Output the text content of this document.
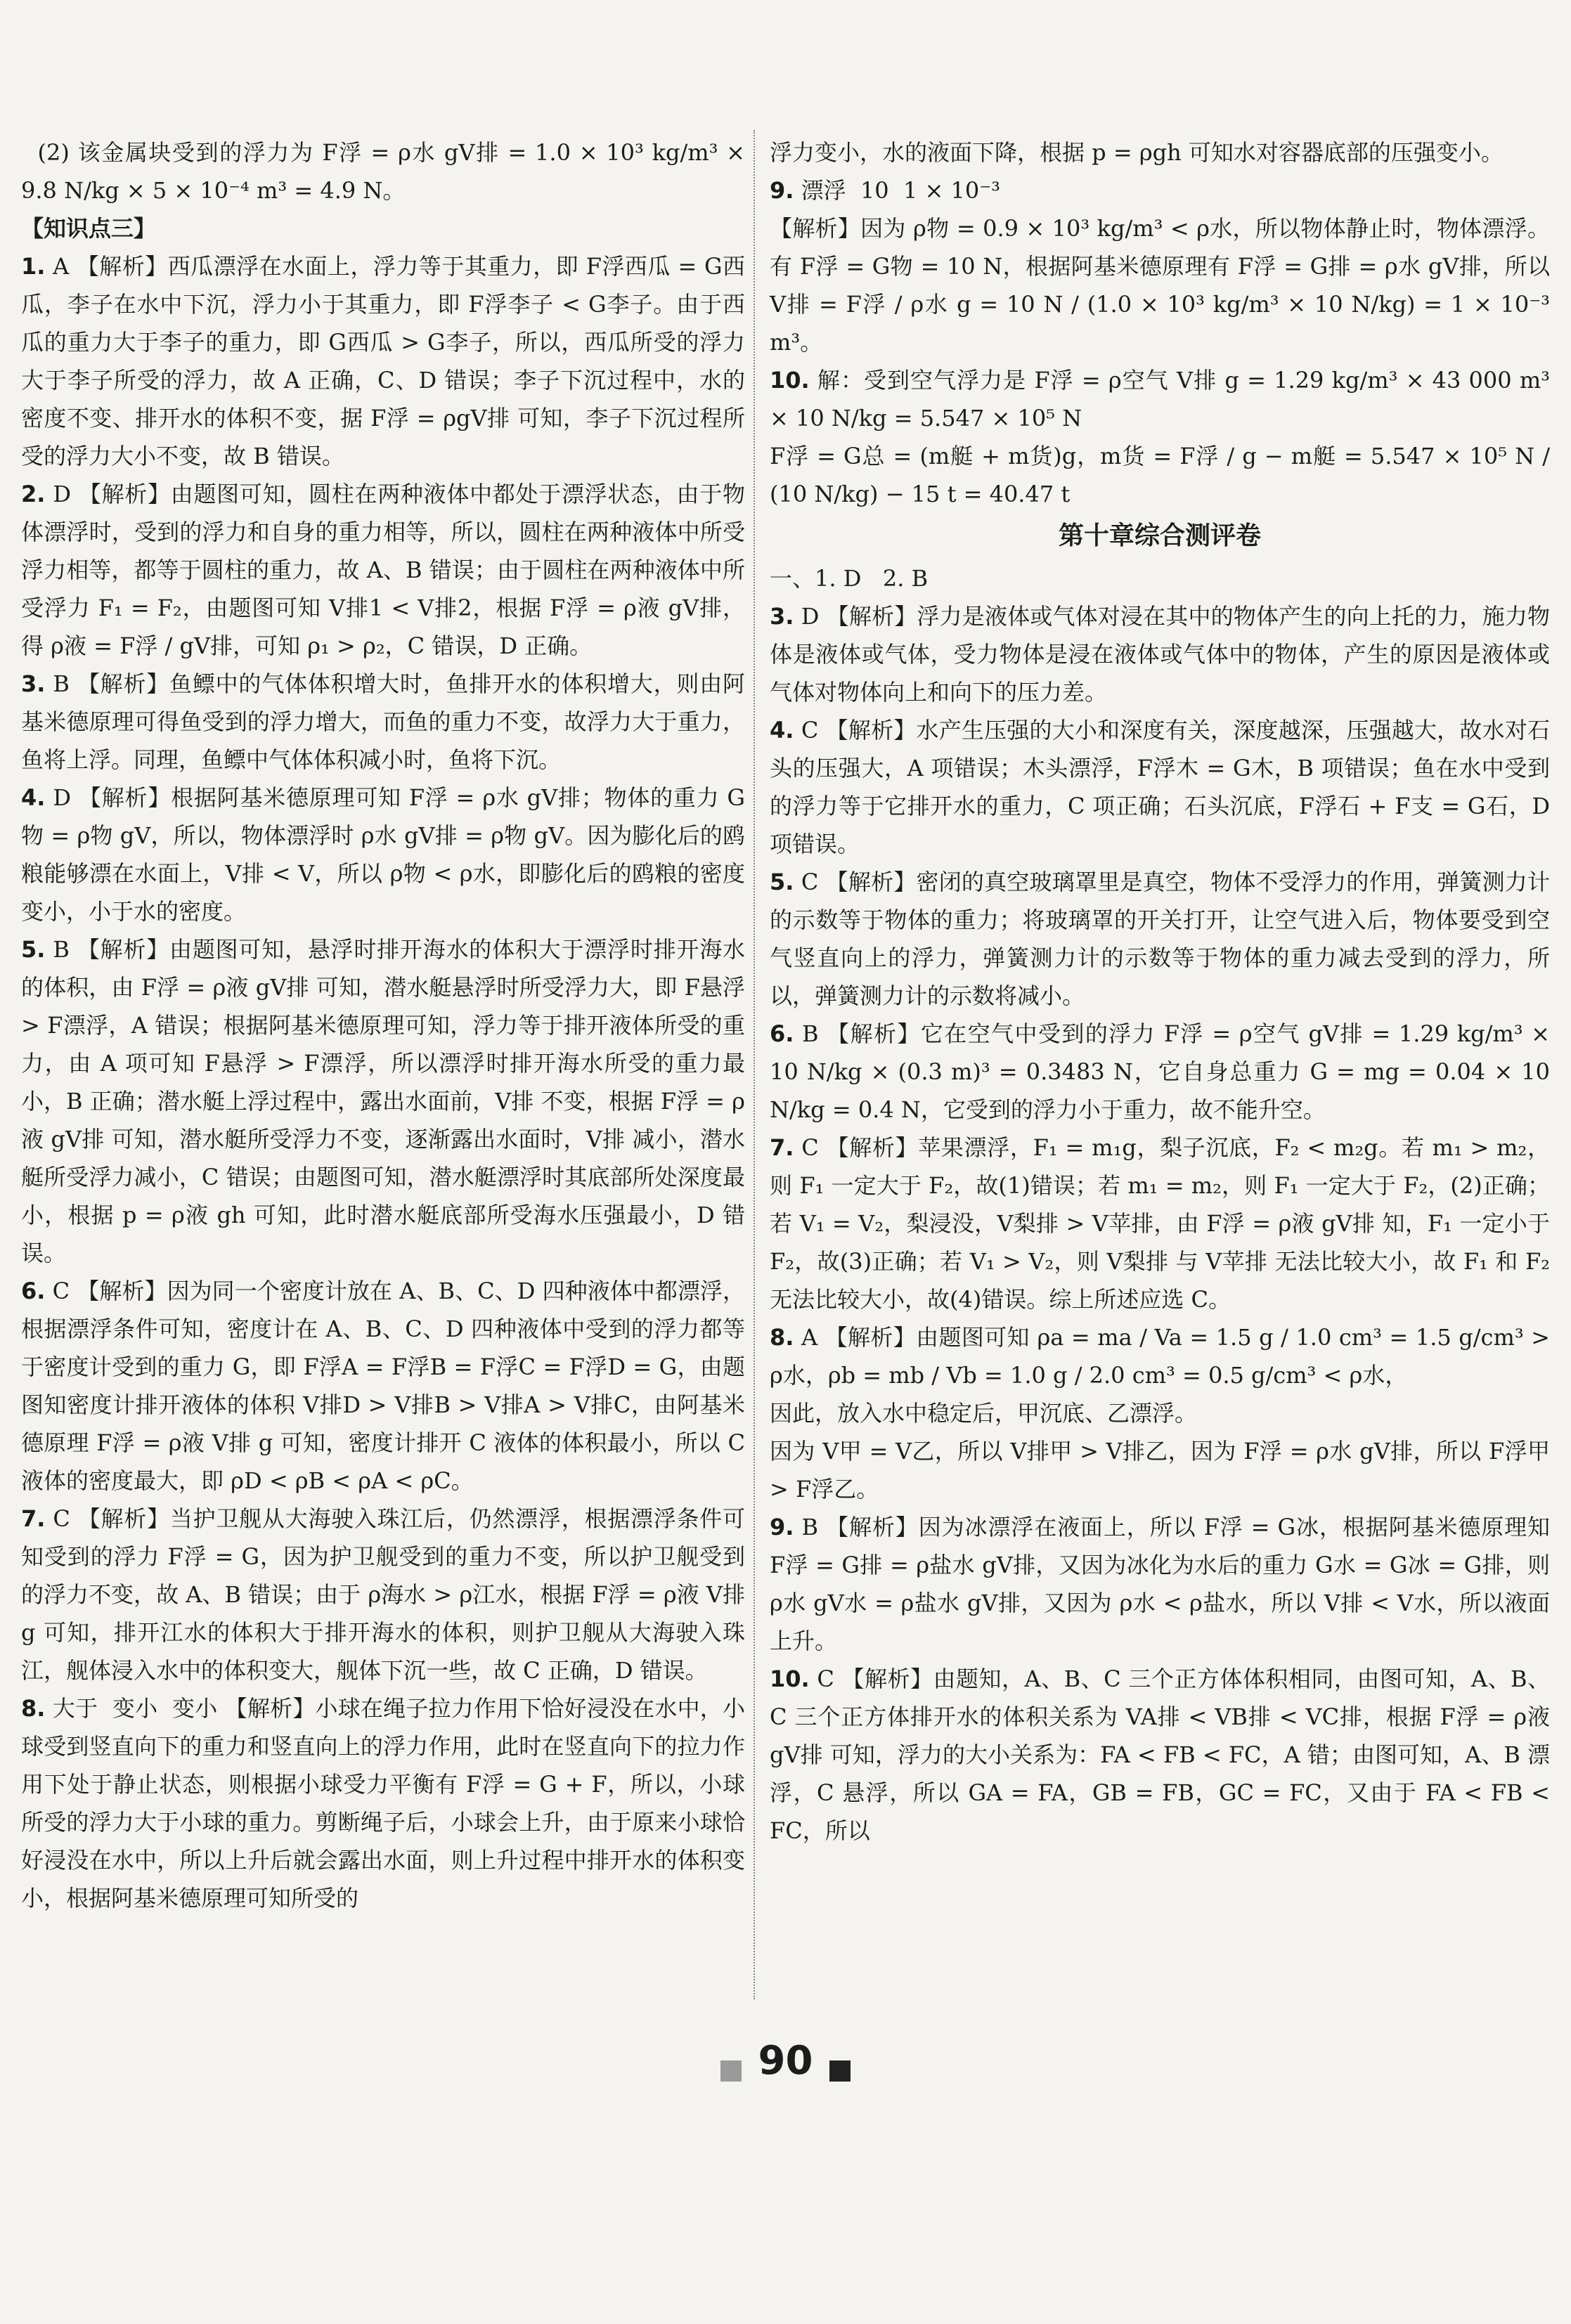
(2) 该金属块受到的浮力为 F浮 = ρ水 gV排 = 1.0 × 10³ kg/m³ × 9.8 N/kg × 5 × 10⁻⁴ m³ = 4.9 N。

【知识点三】

1. A 【解析】西瓜漂浮在水面上，浮力等于其重力，即 F浮西瓜 = G西瓜，李子在水中下沉，浮力小于其重力，即 F浮李子 < G李子。由于西瓜的重力大于李子的重力，即 G西瓜 > G李子，所以，西瓜所受的浮力大于李子所受的浮力，故 A 正确，C、D 错误；李子下沉过程中，水的密度不变、排开水的体积不变，据 F浮 = ρgV排 可知，李子下沉过程所受的浮力大小不变，故 B 错误。

2. D 【解析】由题图可知，圆柱在两种液体中都处于漂浮状态，由于物体漂浮时，受到的浮力和自身的重力相等，所以，圆柱在两种液体中所受浮力相等，都等于圆柱的重力，故 A、B 错误；由于圆柱在两种液体中所受浮力 F₁ = F₂，由题图可知 V排1 < V排2，根据 F浮 = ρ液 gV排，得 ρ液 = F浮 / gV排，可知 ρ₁ > ρ₂，C 错误，D 正确。

3. B 【解析】鱼鳔中的气体体积增大时，鱼排开水的体积增大，则由阿基米德原理可得鱼受到的浮力增大，而鱼的重力不变，故浮力大于重力，鱼将上浮。同理，鱼鳔中气体体积减小时，鱼将下沉。

4. D 【解析】根据阿基米德原理可知 F浮 = ρ水 gV排；物体的重力 G物 = ρ物 gV，所以，物体漂浮时 ρ水 gV排 = ρ物 gV。因为膨化后的鸥粮能够漂在水面上，V排 < V，所以 ρ物 < ρ水，即膨化后的鸥粮的密度变小，小于水的密度。

5. B 【解析】由题图可知，悬浮时排开海水的体积大于漂浮时排开海水的体积，由 F浮 = ρ液 gV排 可知，潜水艇悬浮时所受浮力大，即 F悬浮 > F漂浮，A 错误；根据阿基米德原理可知，浮力等于排开液体所受的重力，由 A 项可知 F悬浮 > F漂浮，所以漂浮时排开海水所受的重力最小，B 正确；潜水艇上浮过程中，露出水面前，V排 不变，根据 F浮 = ρ液 gV排 可知，潜水艇所受浮力不变，逐渐露出水面时，V排 减小，潜水艇所受浮力减小，C 错误；由题图可知，潜水艇漂浮时其底部所处深度最小，根据 p = ρ液 gh 可知，此时潜水艇底部所受海水压强最小，D 错误。

6. C 【解析】因为同一个密度计放在 A、B、C、D 四种液体中都漂浮，根据漂浮条件可知，密度计在 A、B、C、D 四种液体中受到的浮力都等于密度计受到的重力 G，即 F浮A = F浮B = F浮C = F浮D = G，由题图知密度计排开液体的体积 V排D > V排B > V排A > V排C，由阿基米德原理 F浮 = ρ液 V排 g 可知，密度计排开 C 液体的体积最小，所以 C 液体的密度最大，即 ρD < ρB < ρA < ρC。

7. C 【解析】当护卫舰从大海驶入珠江后，仍然漂浮，根据漂浮条件可知受到的浮力 F浮 = G，因为护卫舰受到的重力不变，所以护卫舰受到的浮力不变，故 A、B 错误；由于 ρ海水 > ρ江水，根据 F浮 = ρ液 V排 g 可知，排开江水的体积大于排开海水的体积，则护卫舰从大海驶入珠江，舰体浸入水中的体积变大，舰体下沉一些，故 C 正确，D 错误。

8. 大于  变小  变小 【解析】小球在绳子拉力作用下恰好浸没在水中，小球受到竖直向下的重力和竖直向上的浮力作用，此时在竖直向下的拉力作用下处于静止状态，则根据小球受力平衡有 F浮 = G + F，所以，小球所受的浮力大于小球的重力。剪断绳子后，小球会上升，由于原来小球恰好浸没在水中，所以上升后就会露出水面，则上升过程中排开水的体积变小，根据阿基米德原理可知所受的

浮力变小，水的液面下降，根据 p = ρgh 可知水对容器底部的压强变小。

9. 漂浮  10  1 × 10⁻³

【解析】因为 ρ物 = 0.9 × 10³ kg/m³ < ρ水，所以物体静止时，物体漂浮。有 F浮 = G物 = 10 N，根据阿基米德原理有 F浮 = G排 = ρ水 gV排，所以 V排 = F浮 / ρ水 g = 10 N / (1.0 × 10³ kg/m³ × 10 N/kg) = 1 × 10⁻³ m³。

10. 解：受到空气浮力是 F浮 = ρ空气 V排 g = 1.29 kg/m³ × 43 000 m³ × 10 N/kg = 5.547 × 10⁵ N

F浮 = G总 = (m艇 + m货)g，m货 = F浮 / g − m艇 = 5.547 × 10⁵ N / (10 N/kg) − 15 t = 40.47 t

第十章综合测评卷

一、1. D   2. B

3. D 【解析】浮力是液体或气体对浸在其中的物体产生的向上托的力，施力物体是液体或气体，受力物体是浸在液体或气体中的物体，产生的原因是液体或气体对物体向上和向下的压力差。

4. C 【解析】水产生压强的大小和深度有关，深度越深，压强越大，故水对石头的压强大，A 项错误；木头漂浮，F浮木 = G木，B 项错误；鱼在水中受到的浮力等于它排开水的重力，C 项正确；石头沉底，F浮石 + F支 = G石，D 项错误。

5. C 【解析】密闭的真空玻璃罩里是真空，物体不受浮力的作用，弹簧测力计的示数等于物体的重力；将玻璃罩的开关打开，让空气进入后，物体要受到空气竖直向上的浮力，弹簧测力计的示数等于物体的重力减去受到的浮力，所以，弹簧测力计的示数将减小。

6. B 【解析】它在空气中受到的浮力 F浮 = ρ空气 gV排 = 1.29 kg/m³ × 10 N/kg × (0.3 m)³ = 0.3483 N，它自身总重力 G = mg = 0.04 × 10 N/kg = 0.4 N，它受到的浮力小于重力，故不能升空。

7. C 【解析】苹果漂浮，F₁ = m₁g，梨子沉底，F₂ < m₂g。若 m₁ > m₂，则 F₁ 一定大于 F₂，故(1)错误；若 m₁ = m₂，则 F₁ 一定大于 F₂，(2)正确；若 V₁ = V₂，梨浸没，V梨排 > V苹排，由 F浮 = ρ液 gV排 知，F₁ 一定小于 F₂，故(3)正确；若 V₁ > V₂，则 V梨排 与 V苹排 无法比较大小，故 F₁ 和 F₂ 无法比较大小，故(4)错误。综上所述应选 C。

8. A 【解析】由题图可知 ρa = ma / Va = 1.5 g / 1.0 cm³ = 1.5 g/cm³ > ρ水，ρb = mb / Vb = 1.0 g / 2.0 cm³ = 0.5 g/cm³ < ρ水，

因此，放入水中稳定后，甲沉底、乙漂浮。

因为 V甲 = V乙，所以 V排甲 > V排乙，因为 F浮 = ρ水 gV排，所以 F浮甲 > F浮乙。

9. B 【解析】因为冰漂浮在液面上，所以 F浮 = G冰，根据阿基米德原理知 F浮 = G排 = ρ盐水 gV排，又因为冰化为水后的重力 G水 = G冰 = G排，则 ρ水 gV水 = ρ盐水 gV排，又因为 ρ水 < ρ盐水，所以 V排 < V水，所以液面上升。

10. C 【解析】由题知，A、B、C 三个正方体体积相同，由图可知，A、B、C 三个正方体排开水的体积关系为 VA排 < VB排 < VC排，根据 F浮 = ρ液 gV排 可知，浮力的大小关系为：FA < FB < FC，A 错；由图可知，A、B 漂浮，C 悬浮，所以 GA = FA，GB = FB，GC = FC，又由于 FA < FB < FC，所以

90
